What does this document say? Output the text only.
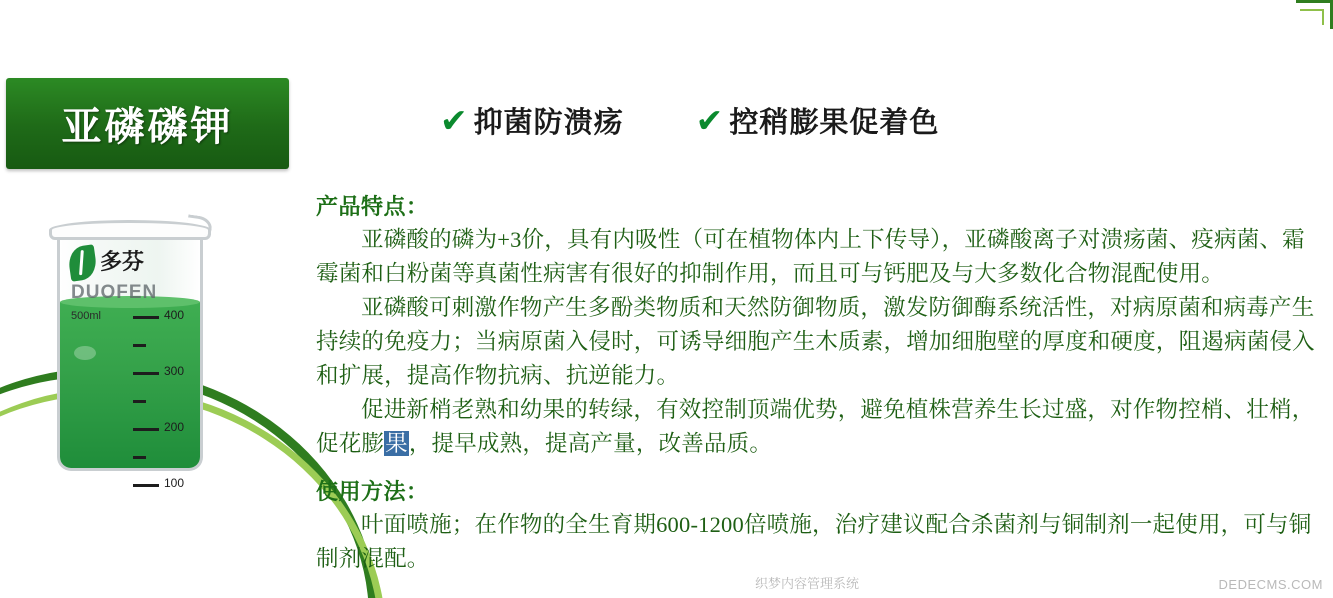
亚磷磷钾	✔ 抑菌防溃疡 ✔ 控稍膨果促着色
多芬
DUOFEN
500ml	400
300
200
100
产品特点：

亚磷酸的磷为+3价，具有内吸性（可在植物体内上下传导），亚磷酸离子对溃疡菌、疫病菌、霜霉菌和白粉菌等真菌性病害有很好的抑制作用，而且可与钙肥及与大多数化合物混配使用。

亚磷酸可刺激作物产生多酚类物质和天然防御物质，激发防御酶系统活性，对病原菌和病毒产生持续的免疫力；当病原菌入侵时，可诱导细胞产生木质素，增加细胞壁的厚度和硬度，阻遏病菌侵入和扩展，提高作物抗病、抗逆能力。

促进新梢老熟和幼果的转绿，有效控制顶端优势，避免植株营养生长过盛，对作物控梢、壮梢，促花膨果，提早成熟，提高产量，改善品质。

使用方法：

叶面喷施；在作物的全生育期600-1200倍喷施，治疗建议配合杀菌剂与铜制剂一起使用，可与铜制剂混配。

织梦内容管理系统	DEDECMS.COM
